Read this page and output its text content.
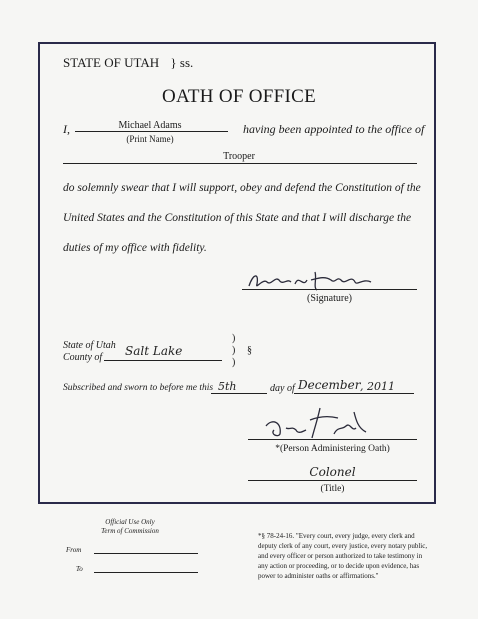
STATE OF UTAH } ss.
OATH OF OFFICE
I,	Michael Adams
(Print Name)
having been appointed to the office of
Trooper
do solemnly swear that I will support, obey and defend the Constitution of the
United States and the Constitution of this State and that I will discharge the
duties of my office with fidelity.
(Signature)
State of Utah
County of Salt Lake
)
)
)
§
Subscribed and sworn to before me this 5th	day of December , 2011
*(Person Administering Oath)
Colonel
(Title)
Official Use Only
Term of Commission
From
To
*§ 78-24-16. "Every court, every judge, every clerk and
deputy clerk of any court, every justice, every notary public,
and every officer or person authorized to take testimony in
any action or proceeding, or to decide upon evidence, has
power to administer oaths or affirmations."
